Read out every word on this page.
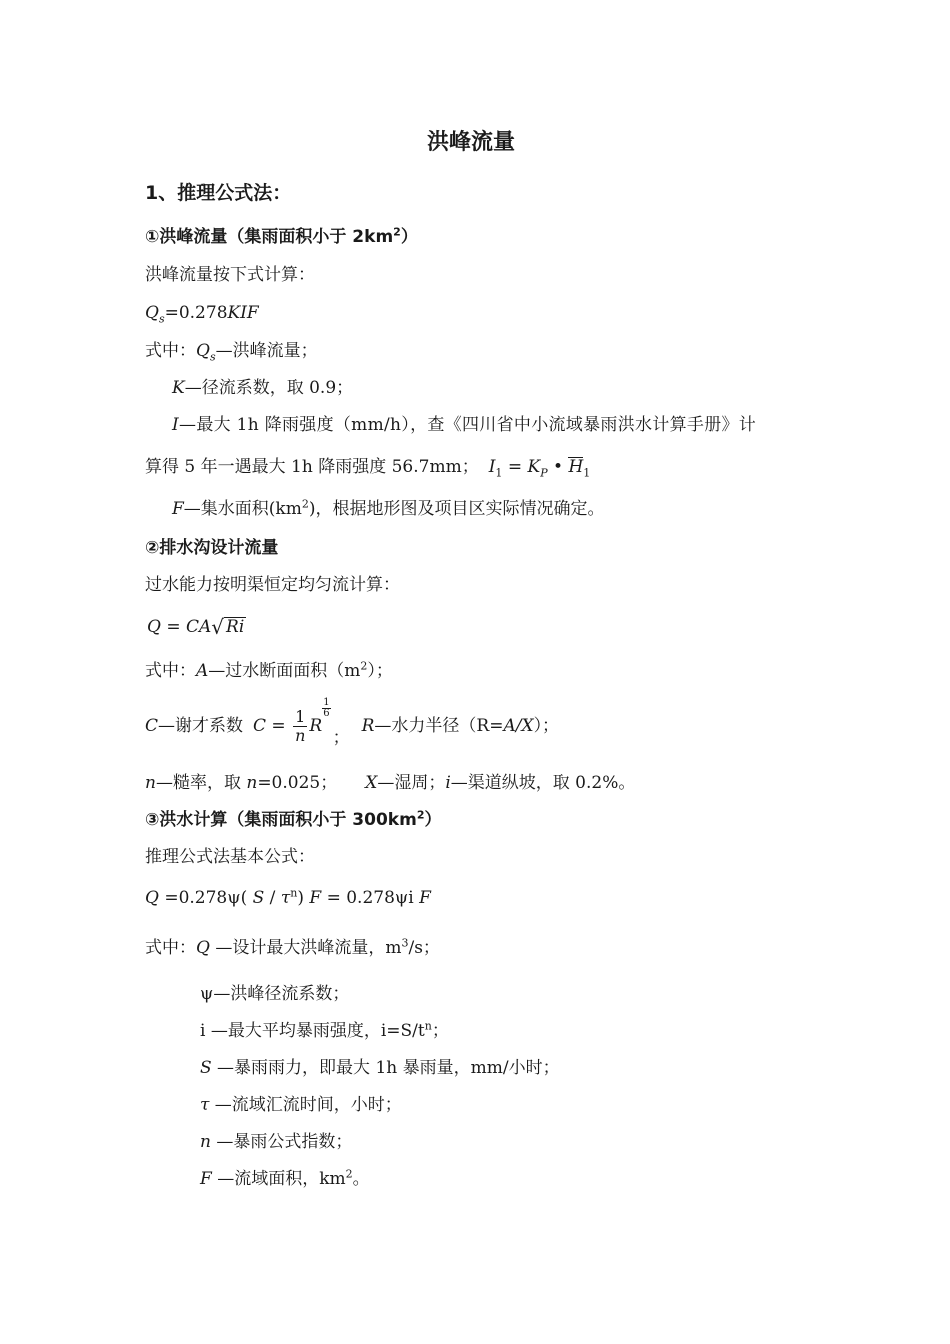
洪峰流量
1、推理公式法：
①洪峰流量（集雨面积小于 $2km^2$）
洪峰流量按下式计算：
$Q_s=0.278KIF$
式中：$Q_s—$洪峰流量；
K—径流系数，取 0.9；
I—最大 1h 降雨强度（mm/h），查《四川省中小流域暴雨洪水计算手册》计
算得 5 年一遇最大 1h 降雨强度 56.7mm； $I_1 = K_P$ • $H_1$
F—集水面积$(km^2)$，根据地形图及项目区实际情况确定。
②排水沟设计流量
过水能力按明渠恒定均匀流计算：
Q = CA√ Ri
式中：A—过水断面面积$(m^2)$；
C—谢才系数 $C = \frac{1}{n}$ R
$\frac{1}{6}$
；R—水力半径（R=A/X）；
n—糙率，取 n=0.025； X—湿周；i—渠道纵坡，取 0.2%。
③洪水计算（集雨面积小于 $300km^2$）
推理公式法基本公式：
Q =0.278ψ( S / $\tau^n$) F = 0.278ψi F
式中：Q —设计最大洪峰流量，$m^3/s$；
ψ—洪峰径流系数；
i —最大平均暴雨强度，$i=S/t^n$；
S —暴雨雨力，即最大 1h 暴雨量，mm/小时；
τ —流域汇流时间，小时；
n —暴雨公式指数；
F —流域面积，$km^2$。
